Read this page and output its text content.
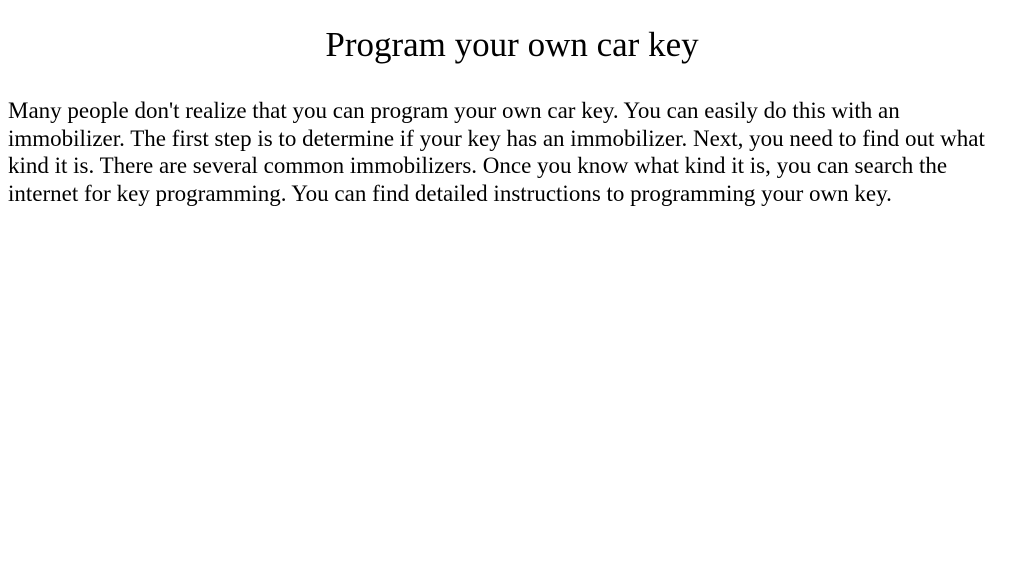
Program your own car key

Many people don't realize that you can program your own car key. You can easily do this with an immobilizer. The first step is to determine if your key has an immobilizer. Next, you need to find out what kind it is. There are several common immobilizers. Once you know what kind it is, you can search the internet for key programming. You can find detailed instructions to programming your own key.
